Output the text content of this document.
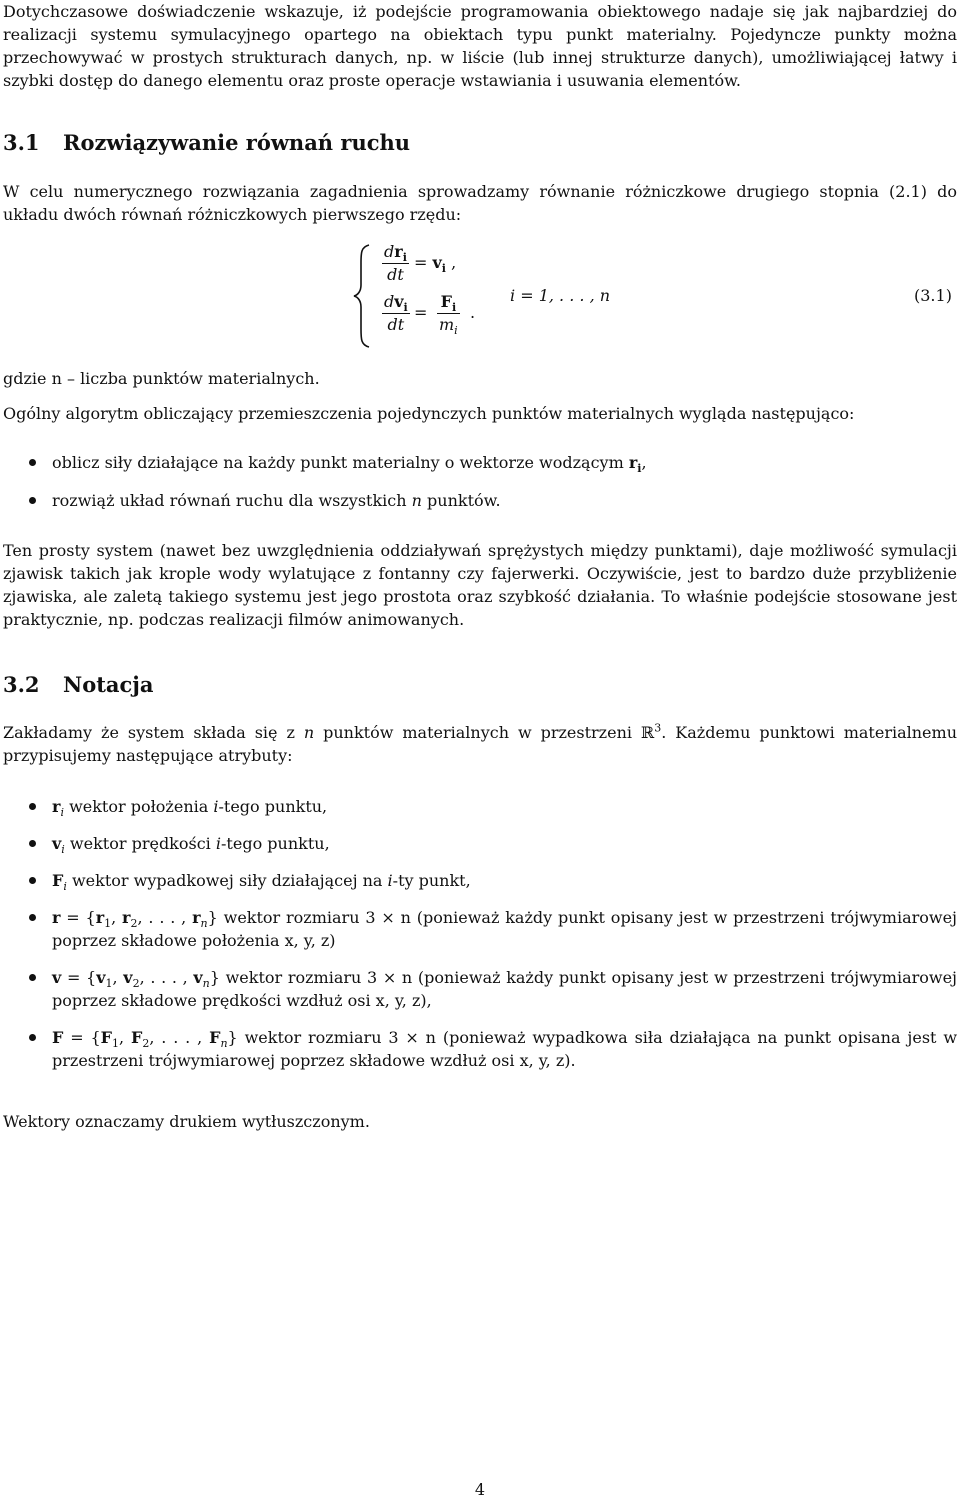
Dotychczasowe doświadczenie wskazuje, iż podejście programowania obiektowego nadaje się jak najbardziej do realizacji systemu symulacyjnego opartego na obiektach typu punkt materialny. Pojedyncze punkty można przechowywać w prostych strukturach danych, np. w liście (lub innej strukturze danych), umożliwiającej łatwy i szybki dostęp do danego elementu oraz proste operacje wstawiania i usuwania elementów.

3.1 Rozwiązywanie równań ruchu

W celu numerycznego rozwiązania zagadnienia sprowadzamy równanie różniczkowe drugiego stopnia (2.1) do układu dwóch równań różniczkowych pierwszego rzędu:

$dr_i$
dt
= $v_i$ ,
$dv_i$
dt
= $\frac{F_i}{m_i}$ .
i = 1, . . . , n	(3.1)

gdzie n – liczba punktów materialnych.

Ogólny algorytm obliczający przemieszczenia pojedynczych punktów materialnych wygląda następująco:

oblicz siły działające na każdy punkt materialny o wektorze wodzącym $r_i$,
rozwiąż układ równań ruchu dla wszystkich n punktów.

Ten prosty system (nawet bez uwzględnienia oddziaływań sprężystych między punktami), daje możliwość symulacji zjawisk takich jak krople wody wylatujące z fontanny czy fajerwerki. Oczywiście, jest to bardzo duże przybliżenie zjawiska, ale zaletą takiego systemu jest jego prostota oraz szybkość działania. To właśnie podejście stosowane jest praktycznie, np. podczas realizacji filmów animowanych.

3.2 Notacja

Zakładamy że system składa się z n punktów materialnych w przestrzeni ℝ$^3$. Każdemu punktowi materialnemu przypisujemy następujące atrybuty:

$r_i$ wektor położenia i-tego punktu,
$v_i$ wektor prędkości i-tego punktu,
$F_i$ wektor wypadkowej siły działającej na i-ty punkt,
$r = \{r_1$, $r_2$, . . . , $r_n$} wektor rozmiaru 3 × n (ponieważ każdy punkt opisany jest w przestrzeni trójwymiarowej poprzez składowe położenia x, y, z)
$v = \{v_1$, $v_2$, . . . , $v_n$} wektor rozmiaru 3 × n (ponieważ każdy punkt opisany jest w przestrzeni trójwymiarowej poprzez składowe prędkości wzdłuż osi x, y, z),
$F = \{F_1$, $F_2$, . . . , $F_n$} wektor rozmiaru 3 × n (ponieważ wypadkowa siła działająca na punkt opisana jest w przestrzeni trójwymiarowej poprzez składowe wzdłuż osi x, y, z).

Wektory oznaczamy drukiem wytłuszczonym.

4
